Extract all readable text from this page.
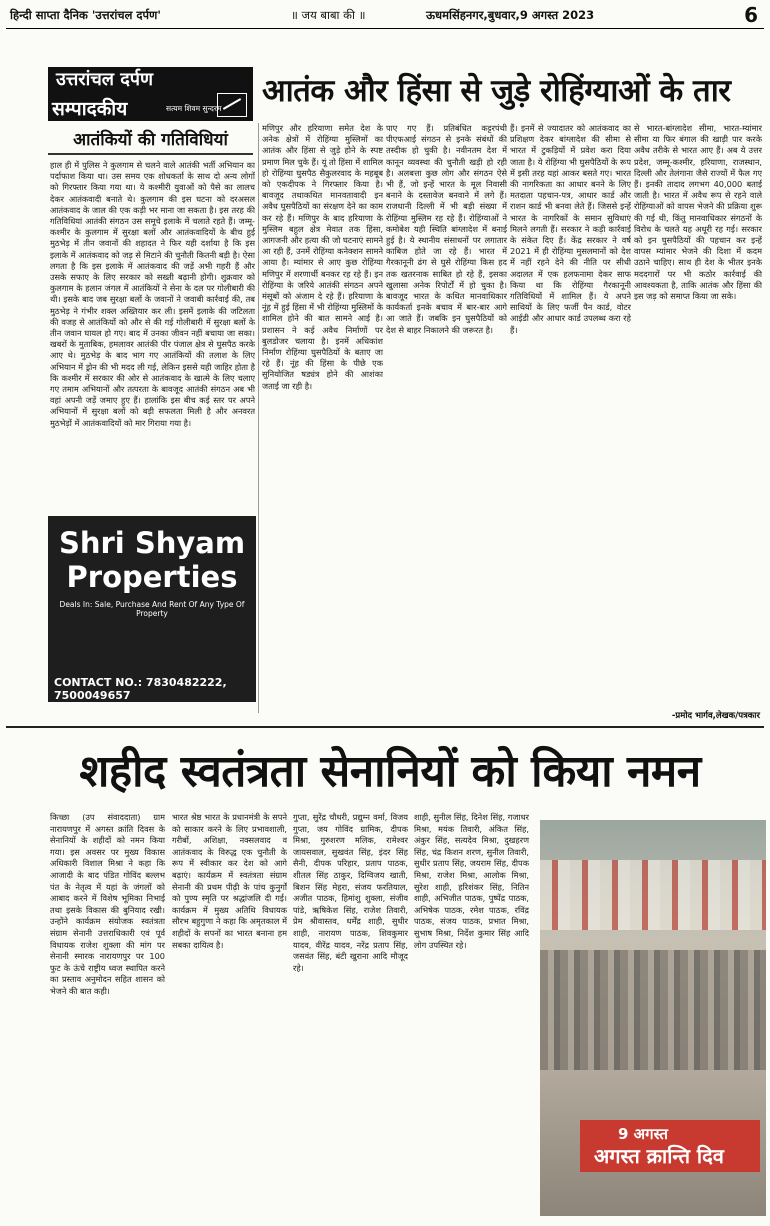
हिन्दी साप्ता दैनिक 'उत्तरांचल दर्पण'	॥ जय बाबा की ॥	ऊधमसिंहनगर,बुधवार,9 अगस्त 2023	6
उत्तरांचल दर्पण
सम्पादकीय	सत्यम शिवम सुन्दरम आतंक और हिंसा से जुड़े रोहिंग्याओं के तार
आतंकियों की गतिविधियां
हाल ही में पुलिस ने कुलगाम से चलने वाले आतंकी भर्ती अभियान का पर्दाफाश किया था। उस समय एक शोधकर्ता के साथ दो अन्य लोगों को गिरफ्तार किया गया था। ये कश्मीरी युवाओं को पैसे का लालच देकर आतंकवादी बनाते थे। कुलगाम की इस घटना को दरअसल आतंकवाद के जाल की एक कड़ी भर माना जा सकता है। इस तरह की गतिविधियां आतंकी संगठन उस समूचे इलाके में चलाते रहते हैं। जम्मू-कश्मीर के कुलगाम में सुरक्षा बलों और आतंकवादियों के बीच हुई मुठभेड़ में तीन जवानों की शहादत ने फिर यही दर्शाया है कि इस इलाके में आतंकवाद को जड़ से मिटाने की चुनौती कितनी बड़ी है। ऐसा लगता है कि इस इलाके में आतंकवाद की जड़ें अभी गहरी हैं और उसके सफाए के लिए सरकार को सख्ती बढ़ानी होगी। शुक्रवार को कुलगाम के हलान जंगल में आतंकियों ने सेना के दल पर गोलीबारी की थी। इसके बाद जब सुरक्षा बलों के जवानों ने जवाबी कार्रवाई की, तब मुठभेड़ ने गंभीर शक्ल अख्तियार कर ली। इसमें इलाके की जटिलता की वजह से आतंकियों को और से की गई गोलीबारी में सुरक्षा बलों के तीन जवान घायल हो गए। बाद में उनका जीवन नहीं बचाया जा सका। खबरों के मुताबिक, हमलावर आतंकी पीर पंजाल क्षेत्र से घुसपैठ करके आए थे। मुठभेड़ के बाद भाग गए आतंकियों की तलाश के लिए अभियान में ड्रोन की भी मदद ली गई, लेकिन इससे यही जाहिर होता है कि कश्मीर में सरकार की ओर से आतंकवाद के खात्मे के लिए चलाए गए तमाम अभियानों और तत्परता के बावजूद आतंकी संगठन अब भी वहां अपनी जड़ें जमाए हुए हैं। हालांकि इस बीच कई स्तर पर अपने अभियानों में सुरक्षा बलों को बड़ी सफलता मिली है और अनवरत मुठभेड़ों में आतंकवादियों को मार गिराया गया है।
मणिपुर और हरियाणा समेत देश के अनेक क्षेत्रों में रोहिंग्या मुस्लिमों का आतंक और हिंसा से जुड़े होने के स्पष्ट प्रमाण मिल चुके हैं। यूं तो हिंसा में शामिल हो रोहिंग्या घुसपैठ सैकुलरवाद के महबूब को एकदीपक ने गिरफ्तार किया है। बावजूद तथाकथित मानवतावादी इन अवैध घुसपैठियों का संरक्षण देने का काम कर रहे हैं। मणिपुर के बाद हरियाणा के मुस्लिम बहुल क्षेत्र मेवात तक हिंसा, आगजनी और हत्या की जो घटनाएं सामने आ रही हैं, उनमें रोहिंग्या कनेक्शन सामने आया है। म्यांमार से आए कुछ रोहिंग्या मणिपुर में शरणार्थी बनकर रह रहे हैं। इन रोहिंग्या के जरिये आतंकी संगठन अपने मंसूबों को अंजाम दे रहे हैं। हरियाणा के नूंह में हुई हिंसा में भी रोहिंग्या मुस्लिमों के शामिल होने की बात सामने आई है। प्रशासन ने कई अवैध निर्माणों पर बुलडोजर चलाया है। इनमें अधिकांश निर्माण रोहिंग्या घुसपैठियों के बताए जा रहे हैं। नूंह की हिंसा के पीछे एक सुनियोजित षड्यंत्र होने की आशंका जताई जा रही है।
पाए गए हैं। प्रतिबंधित कट्टरपंथी पीएफआई संगठन से इनके संबंधों की तस्दीक हो चुकी है। नवीनतम देश में कानून व्यवस्था की चुनौती खड़ी हो रही है। अलबत्ता कुछ लोग और संगठन ऐसे भी हैं, जो इन्हें भारत के मूल निवासी बनाने के दस्तावेज बनवाने में लगे हैं। राजधानी दिल्ली में भी बड़ी संख्या में रोहिंग्या मुस्लिम रह रहे हैं। रोहिंग्याओं ने कमोबेश यही स्थिति बांग्लादेश में बनाई हुई है। ये स्थानीय संसाधनों पर लगातार काबिज होते जा रहे हैं। भारत में गैरकानूनी ढंग से घुसे रोहिंग्या किस हद तक खतरनाक साबित हो रहे हैं, इसका खुलासा अनेक रिपोर्टों में हो चुका है। बावजूद भारत के कथित मानवाधिकार कार्यकर्ता इनके बचाव में बार-बार आगे आ जाते हैं। जबकि इन घुसपैठियों को देश से बाहर निकालने की जरूरत है।
हैं। इनमें से ज्यादातर को आतंकवाद का प्रशिक्षण देकर बांग्लादेश की सीमा से भारत में टुकड़ियों में प्रवेश करा दिया जाता है। ये रोहिंग्या भी घुसपैठियों के रूप में इसी तरह यहां आकर बसते गए। भारत की नागरिकता का आधार बनने के लिए मतदाता पहचान-पत्र, आधार कार्ड और राशन कार्ड भी बनवा लेते हैं। जिससे इन्हें भारत के नागरिकों के समान सुविधाएं मिलने लगती हैं। सरकार ने कड़ी कार्रवाई के संकेत दिए हैं। केंद्र सरकार ने वर्ष 2021 में ही रोहिंग्या मुसलमानों को देश में नहीं रहने देने की नीति पर सीधी अदालत में एक हलफनामा देकर साफ किया था कि रोहिंग्या गैरकानूनी गतिविधियों में शामिल हैं। ये अपने साथियों के लिए फर्जी पैन कार्ड, वोटर आईडी और आधार कार्ड उपलब्ध करा रहे हैं।
से भारत-बांग्लादेश सीमा, भारत-म्यांमार सीमा या फिर बंगाल की खाड़ी पार करके अवैध तरीके से भारत आए हैं। अब ये उत्तर प्रदेश, जम्मू-कश्मीर, हरियाणा, राजस्थान, दिल्ली और तेलंगाना जैसे राज्यों में फैल गए हैं। इनकी तादाद लगभग 40,000 बताई जाती है। भारत में अवैध रूप से रहने वाले रोहिंग्याओं को वापस भेजने की प्रक्रिया शुरू की गई थी, किंतु मानवाधिकार संगठनों के विरोध के चलते यह अधूरी रह गई। सरकार को इन घुसपैठियों की पहचान कर इन्हें वापस म्यांमार भेजने की दिशा में कदम उठाने चाहिए। साथ ही देश के भीतर इनके मददगारों पर भी कठोर कार्रवाई की आवश्यकता है, ताकि आतंक और हिंसा की इस जड़ को समाप्त किया जा सके।
Shri Shyam Properties
Deals In: Sale, Purchase And Rent Of Any Type Of Property
CONTACT NO.: 7830482222, 7500049657
-प्रमोद भार्गव,लेखक/पत्रकार
शहीद स्वतंत्रता सेनानियों को किया नमन
किच्छा (उप संवाददाता) ग्राम नारायणपुर में अगस्त क्रांति दिवस के सेनानियों के शहीदों को नमन किया गया। इस अवसर पर मुख्य विकास अधिकारी विशाल मिश्रा ने कहा कि आजादी के बाद पंडित गोविंद बल्लभ पंत के नेतृत्व में यहां के जंगलों को आबाद करने में विशेष भूमिका निभाई तथा इसके विकास की बुनियाद रखी। उन्होंने कार्यक्रम संयोजक स्वतंत्रता संग्राम सेनानी उत्तराधिकारी एवं पूर्व विधायक राजेश शुक्ला की मांग पर सेनानी स्मारक नारायणपुर पर 100 फुट के ऊंचे राष्ट्रीय ध्वज स्थापित करने का प्रस्ताव अनुमोदन सहित शासन को भेजने की बात कही।
भारत श्रेष्ठ भारत के प्रधानमंत्री के सपने को साकार करने के लिए प्रभावशाली, गरीबों, अशिक्षा, नक्सलवाद व आतंकवाद के विरुद्ध एक चुनौती के रूप में स्वीकार कर देश को आगे बढ़ाएं। कार्यक्रम में स्वतंत्रता संग्राम सेनानी की प्रथम पीढ़ी के पांच कुनुर्गों को पुण्य स्मृति पर श्रद्धांजलि दी गई। कार्यक्रम में मुख्य अतिथि विधायक सौरभ बहुगुणा ने कहा कि अमृतकाल में शहीदों के सपनों का भारत बनाना हम सबका दायित्व है।
गुप्ता, सुरेंद्र चौधरी, प्रद्युम्न वर्मा, विजय गुप्ता, जय गोविंद ग्रामिक, दीपक मिश्रा, गुरुशरण मलिक, रामेश्वर जायसवाल, सुखवंत सिंह, इंदर सिंह सैनी, दीपक परिहार, प्रताप पाठक, शीतल सिंह ठाकुर, दिग्विजय खाती, बिशन सिंह मेहरा, संजय फरतियाल, अजीत पाठक, हिमांशु शुक्ला, संजीव पांडे, ऋषिकेश सिंह, राजेश तिवारी, प्रेम श्रीवास्तव, धर्मेंद्र शाही, सुधीर शाही, नारायण पाठक, शिवकुमार यादव, वीरेंद्र यादव, नरेंद्र प्रताप सिंह, जसवंत सिंह, बंटी खुराना आदि मौजूद रहे।
शाही, सुनील सिंह, दिनेश सिंह, गजाधर मिश्रा, मयंक तिवारी, अंकित सिंह, अंकुर सिंह, सत्यदेव मिश्रा, दुखहरण सिंह, चंद्र किशन शरण, सुनील तिवारी, सुधीर प्रताप सिंह, जयराम सिंह, दीपक मिश्रा, राजेश मिश्रा, आलोक मिश्रा, सुरेश शाही, हरिशंकर सिंह, नितिन शाही, अभिजीत पाठक, पुष्पेंद्र पाठक, अभिषेक पाठक, रमेश पाठक, रविंद्र पाठक, संजय पाठक, प्रभात मिश्रा, सुभाष मिश्रा, निर्देश कुमार सिंह आदि लोग उपस्थित रहे।
9 अगस्त
अगस्त क्रान्ति दिव
